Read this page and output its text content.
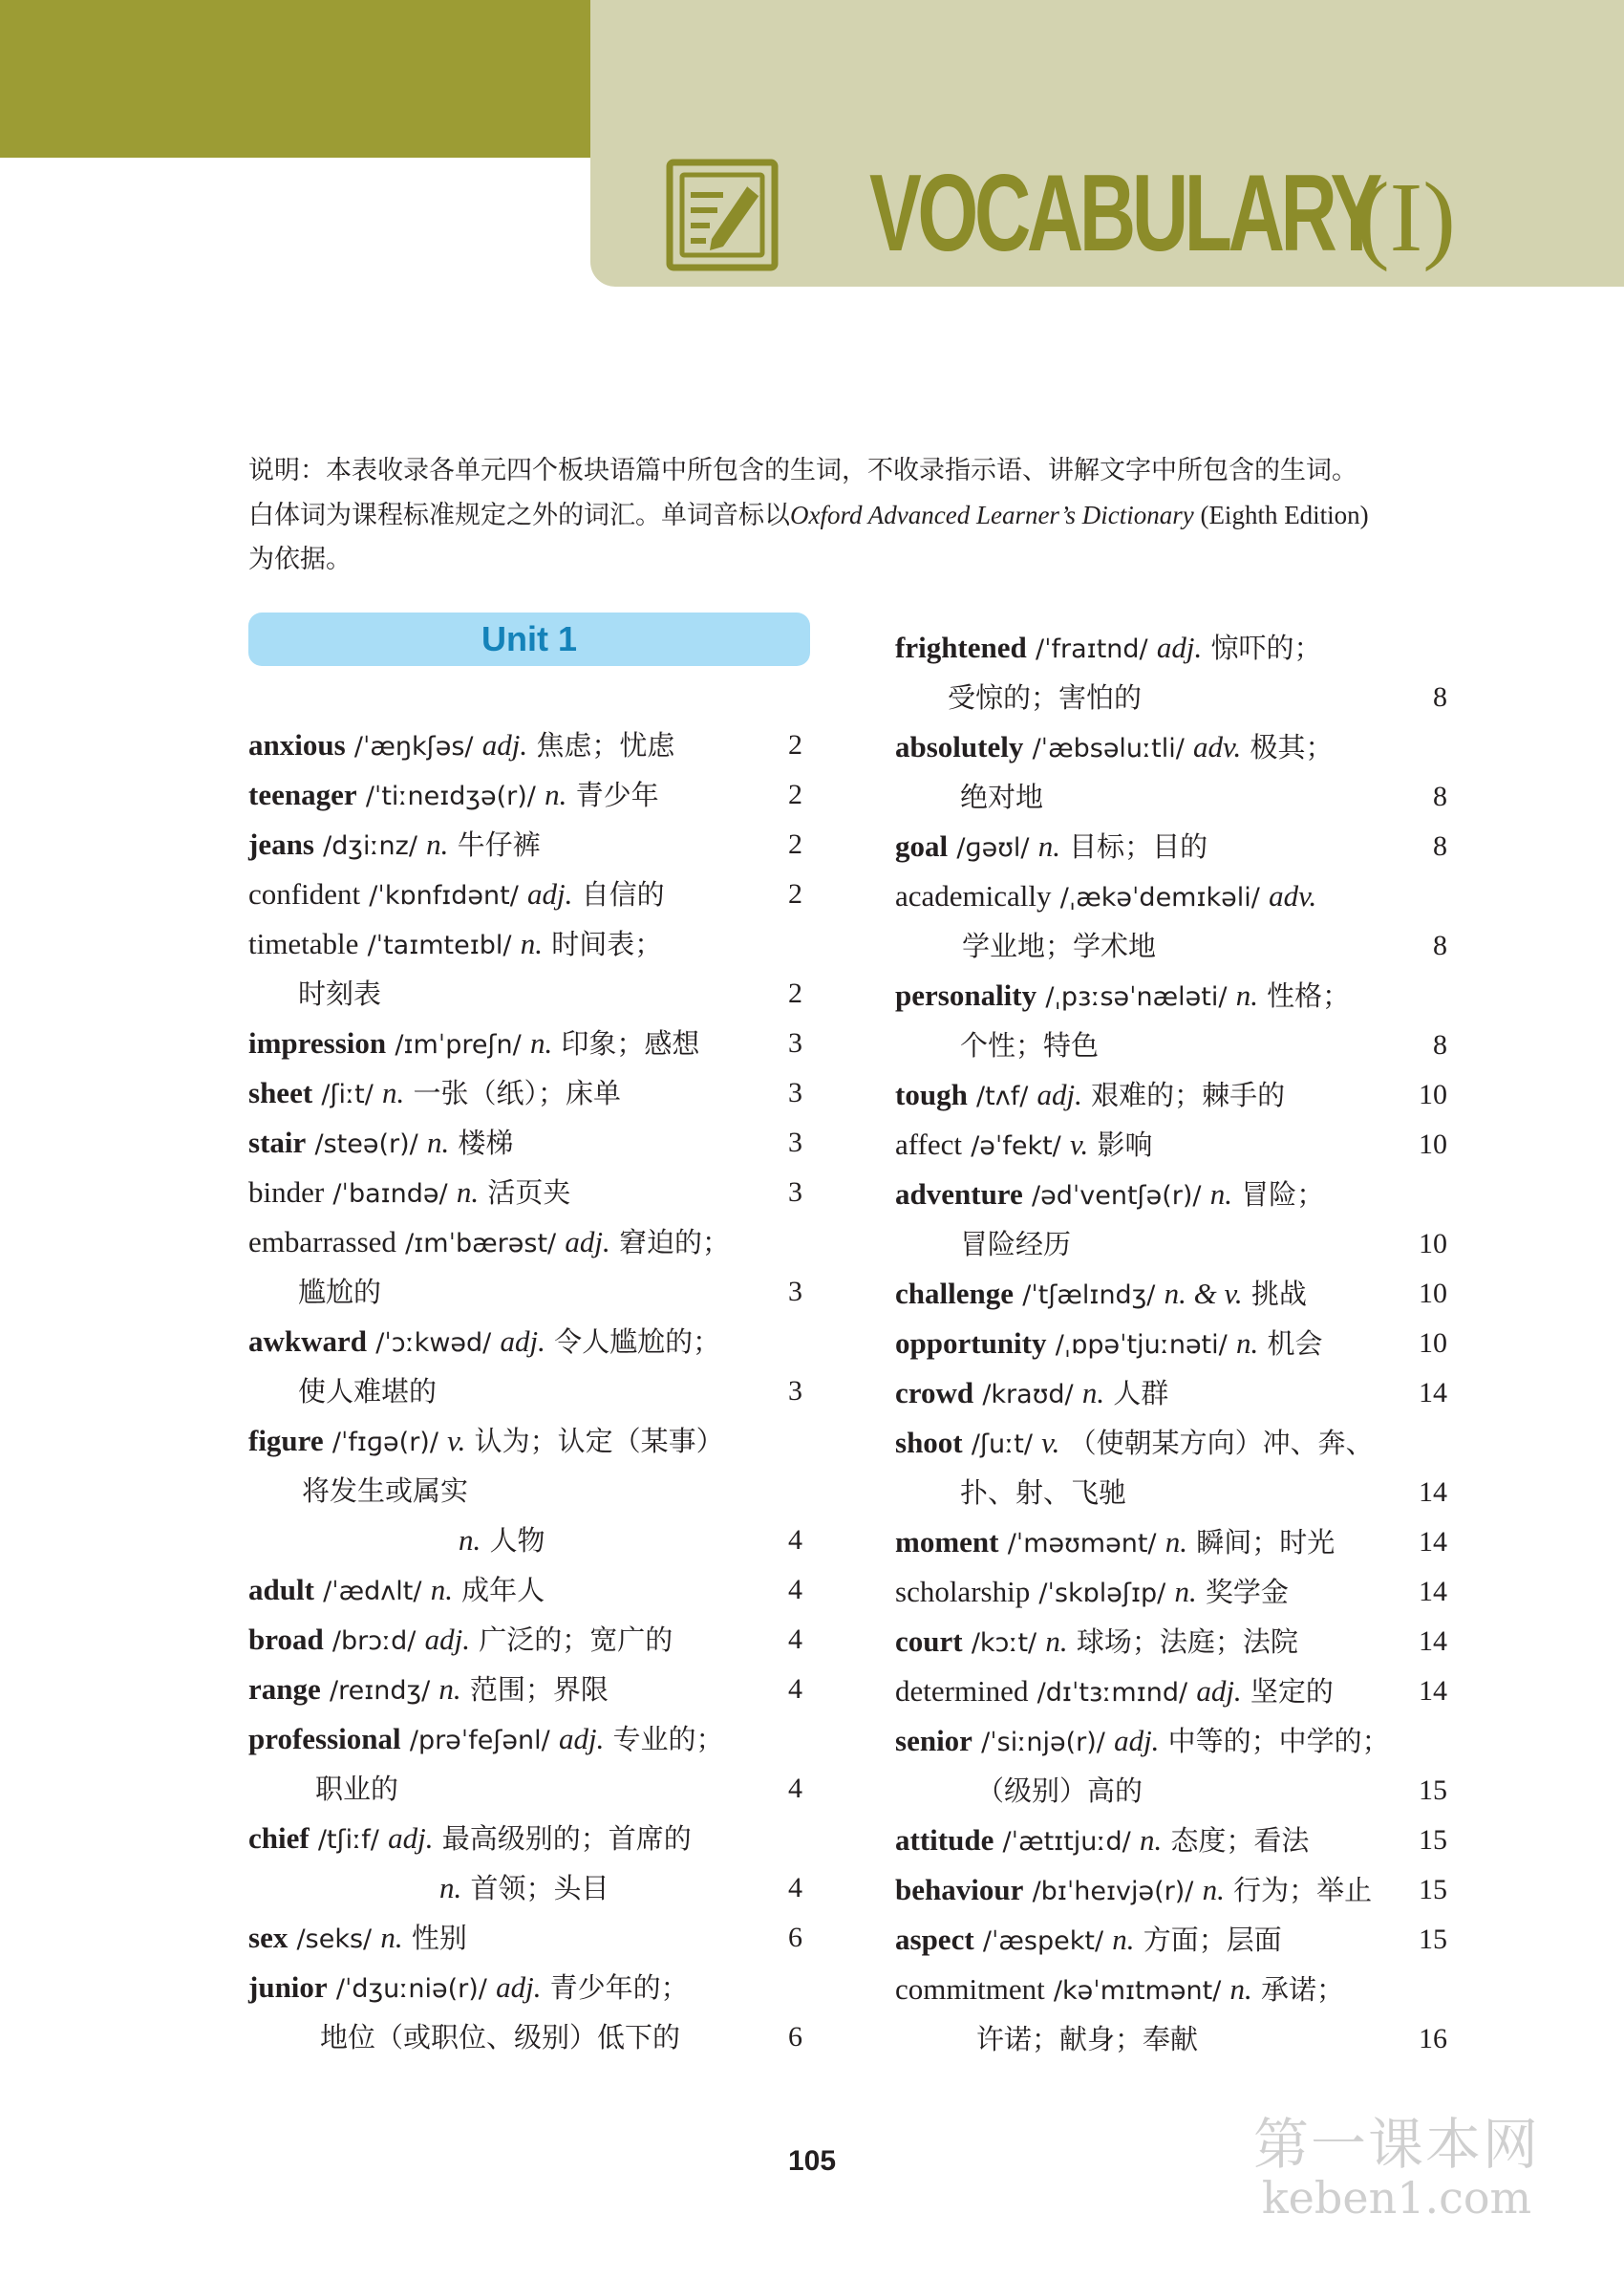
VOCABULARY
(I)

说明：本表收录各单元四个板块语篇中所包含的生词，不收录指示语、讲解文字中所包含的生词。

白体词为课程标准规定之外的词汇。单词音标以Oxford Advanced Learner’s Dictionary (Eighth Edition)

为依据。

Unit 1
anxious /ˈæŋkʃəs/ adj. 焦虑；忧虑	2
teenager /ˈtiːneɪdʒə(r)/ n. 青少年	2
jeans /dʒiːnz/ n. 牛仔裤	2
confident /ˈkɒnfɪdənt/ adj. 自信的	2
timetable /ˈtaɪmteɪbl/ n. 时间表；
时刻表	2
impression /ɪmˈpreʃn/ n. 印象；感想	3
sheet /ʃiːt/ n. 一张（纸）；床单	3
stair /steə(r)/ n. 楼梯	3
binder /ˈbaɪndə/ n. 活页夹	3
embarrassed /ɪmˈbærəst/ adj. 窘迫的；
尴尬的	3
awkward /ˈɔːkwəd/ adj. 令人尴尬的；
使人难堪的	3
figure /ˈfɪɡə(r)/ v. 认为；认定（某事）
将发生或属实
n. 人物	4
adult /ˈædʌlt/ n. 成年人	4
broad /brɔːd/ adj. 广泛的；宽广的	4
range /reɪndʒ/ n. 范围；界限	4
professional /prəˈfeʃənl/ adj. 专业的；
职业的	4
chief /tʃiːf/ adj. 最高级别的；首席的
n. 首领；头目	4
sex /seks/ n. 性别	6
junior /ˈdʒuːniə(r)/ adj. 青少年的；
地位（或职位、级别）低下的	6
frightened /ˈfraɪtnd/ adj. 惊吓的；
受惊的；害怕的	8
absolutely /ˈæbsəluːtli/ adv. 极其；
绝对地	8
goal /ɡəʊl/ n. 目标；目的	8
academically /ˌækəˈdemɪkəli/ adv.
学业地；学术地	8
personality /ˌpɜːsəˈnæləti/ n. 性格；
个性；特色	8
tough /tʌf/ adj. 艰难的；棘手的	10
affect /əˈfekt/ v. 影响	10
adventure /ədˈventʃə(r)/ n. 冒险；
冒险经历	10
challenge /ˈtʃælɪndʒ/ n. & v. 挑战	10
opportunity /ˌɒpəˈtjuːnəti/ n. 机会	10
crowd /kraʊd/ n. 人群	14
shoot /ʃuːt/ v. （使朝某方向）冲、奔、
扑、射、飞驰	14
moment /ˈməʊmənt/ n. 瞬间；时光	14
scholarship /ˈskɒləʃɪp/ n. 奖学金	14
court /kɔːt/ n. 球场；法庭；法院	14
determined /dɪˈtɜːmɪnd/ adj. 坚定的	14
senior /ˈsiːnjə(r)/ adj. 中等的；中学的；
（级别）高的	15
attitude /ˈætɪtjuːd/ n. 态度；看法	15
behaviour /bɪˈheɪvjə(r)/ n. 行为；举止 15
aspect /ˈæspekt/ n. 方面；层面	15
commitment /kəˈmɪtmənt/ n. 承诺；
许诺；献身；奉献	16
105	第一课本网
keben1.com
